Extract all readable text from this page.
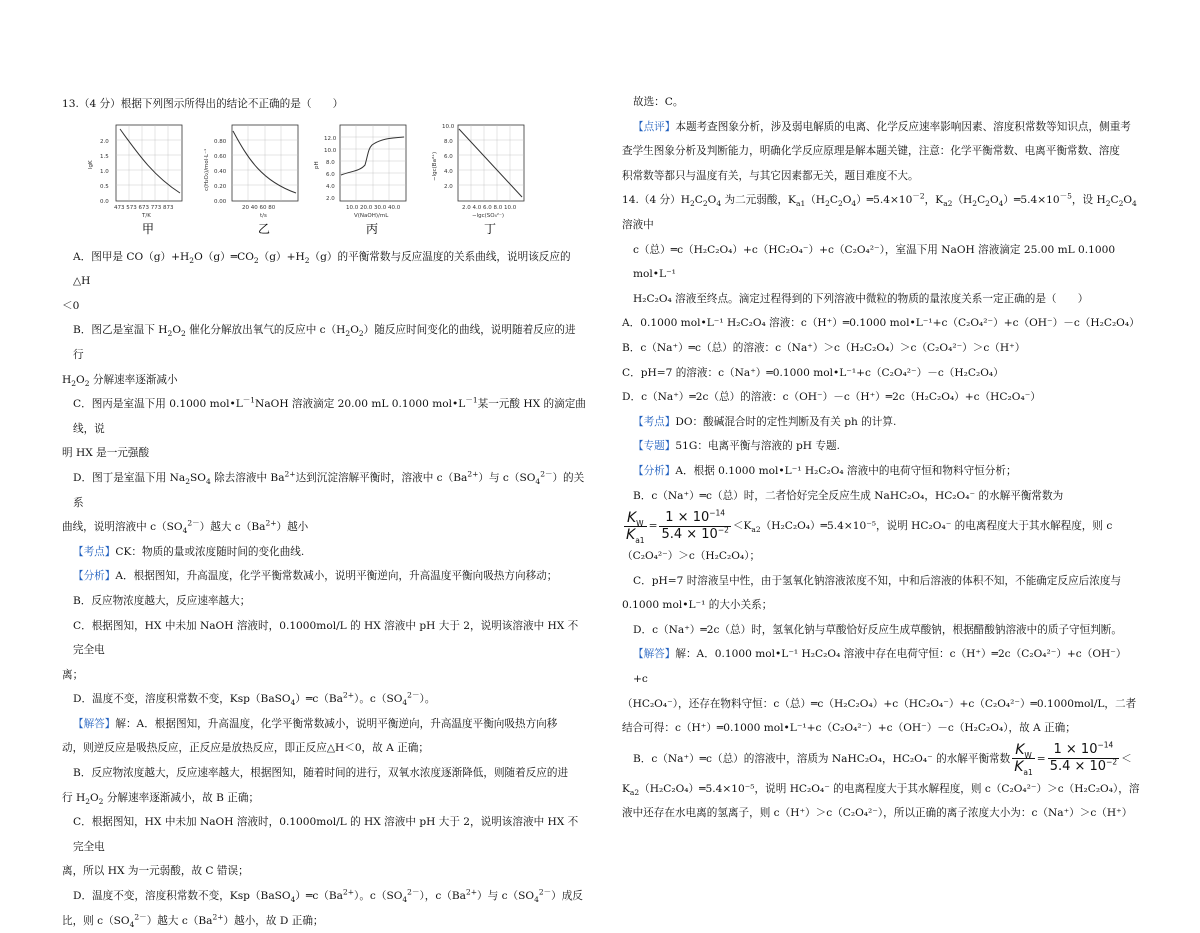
13.（4 分）根据下列图示所得出的结论不正确的是（　　）

2.0
1.5
1.0
0.5
0.0
473 573 673 773 873
T/K
lgK
甲
0.80
0.60
0.40
0.20
0.00
20 40 60 80
t/s
c(H₂O₂)/mol·L⁻¹
乙
12.0
10.0
8.0
6.0
4.0
2.0
10.0 20.0 30.0 40.0
V(NaOH)/mL
pH
丙
10.0
8.0
6.0
4.0
2.0
2.0 4.0 6.0 8.0 10.0
−lgc(SO₄²⁻)
−lgc(Ba²⁺)
丁

A．图甲是 $CO(g)+H_2O(g)═CO_2(g)+H_2(g)$的平衡常数与反应温度的关系曲线，说明该反应的△H

＜0

B．图乙是室温下 $H_2O_2$ 催化分解放出氧气的反应中 $c(H_2O_2)$随反应时间变化的曲线，说明随着反应的进行

$H_2O_2$ 分解速率逐渐减小

C．图丙是室温下用 0.1000 $mol•L^{-1}NaOH$ 溶液滴定 20.00 mL 0.1000 $mol•L^{-1}$某一元酸 HX 的滴定曲线，说

明 HX 是一元强酸

D．图丁是室温下用 $Na_2SO_4$ 除去溶液中 $Ba^{2+}$达到沉淀溶解平衡时，溶液中 $c(Ba^{2+})$与 $c(SO_4^{2-})$的关系

曲线，说明溶液中 $c(SO_4^{2-})$越大 $c(Ba^{2+})$越小

【考点】CK：物质的量或浓度随时间的变化曲线.

【分析】A．根据图知，升高温度，化学平衡常数减小，说明平衡逆向，升高温度平衡向吸热方向移动；

B．反应物浓度越大，反应速率越大；

C．根据图知，HX 中未加 NaOH 溶液时，0.1000mol/L 的 HX 溶液中 pH 大于 2，说明该溶液中 HX 不完全电

离；

D．温度不变，溶度积常数不变，$Ksp(BaSO_4)═c(Ba^{2+})$。$c(SO_4^{2-})$。

【解答】解：A．根据图知，升高温度，化学平衡常数减小，说明平衡逆向，升高温度平衡向吸热方向移

动，则逆反应是吸热反应，正反应是放热反应，即正反应△H＜0，故 A 正确；

B．反应物浓度越大，反应速率越大，根据图知，随着时间的进行，双氧水浓度逐渐降低，则随着反应的进

行 $H_2O_2$ 分解速率逐渐减小，故 B 正确；

C．根据图知，HX 中未加 NaOH 溶液时，0.1000mol/L 的 HX 溶液中 pH 大于 2，说明该溶液中 HX 不完全电

离，所以 HX 为一元弱酸，故 C 错误；

D．温度不变，溶度积常数不变，$Ksp(BaSO_4)═c(Ba^{2+})$。$c(SO_4^{2-})$，$c(Ba^{2+})$与 $c(SO_4^{2-})$成反

比，则 $c(SO_4^{2-})$越大 $c(Ba^{2+})$越小，故 D 正确；

故选：C。

【点评】本题考查图象分析，涉及弱电解质的电离、化学反应速率影响因素、溶度积常数等知识点，侧重考

查学生图象分析及判断能力，明确化学反应原理是解本题关键，注意：化学平衡常数、电离平衡常数、溶度

积常数等都只与温度有关，与其它因素都无关，题目难度不大。

14.（4 分）$H_2C_2O_4$ 为二元弱酸，$K_{a1}(H_2C_2O_4)═5.4\times 10^{-2}$，$K_{a2}(H_2C_2O_4)═5.4\times 10^{-5}$，设 $H_2C_2O_4$ 溶液中

c（总）═c（H₂C₂O₄）+c（HC₂O₄⁻）+c（C₂O₄²⁻），室温下用 NaOH 溶液滴定 25.00 mL 0.1000 mol•L⁻¹

H₂C₂O₄ 溶液至终点。滴定过程得到的下列溶液中微粒的物质的量浓度关系一定正确的是（　　）

A．0.1000 mol•L⁻¹ H₂C₂O₄ 溶液：c（H⁺）═0.1000 mol•L⁻¹+c（C₂O₄²⁻）+c（OH⁻）－c（H₂C₂O₄）

B．c（Na⁺）═c（总）的溶液：c（Na⁺）＞c（H₂C₂O₄）＞c（C₂O₄²⁻）＞c（H⁺）

C．pH=7 的溶液：c（Na⁺）═0.1000 mol•L⁻¹+c（C₂O₄²⁻）－c（H₂C₂O₄）

D．c（Na⁺）═2c（总）的溶液：c（OH⁻）－c（H⁺）═2c（H₂C₂O₄）+c（HC₂O₄⁻）

【考点】DO：酸碱混合时的定性判断及有关 ph 的计算.

【专题】51G：电离平衡与溶液的 pH 专题.

【分析】A．根据 0.1000 mol•L⁻¹ H₂C₂O₄ 溶液中的电荷守恒和物料守恒分析；

B．c（Na⁺）═c（总）时，二者恰好完全反应生成 NaHC₂O₄，HC₂O₄⁻ 的水解平衡常数为

$\frac{K_W}{K_{a1}} = \frac{1 \times 10^{-14}}{5.4 \times 10^{-2}}$ $<K_{a2}(H_2C_2O_4)═5.4\times 10^{-5}$，说明 HC₂O₄⁻ 的电离程度大于其水解程度，则 c

（C₂O₄²⁻）＞c（H₂C₂O₄）；

C．pH=7 时溶液呈中性，由于氢氧化钠溶液浓度不知，中和后溶液的体积不知，不能确定反应后浓度与

0.1000 mol•L⁻¹ 的大小关系；

D．c（Na⁺）═2c（总）时，氢氧化钠与草酸恰好反应生成草酸钠，根据醋酸钠溶液中的质子守恒判断。

【解答】解：A．0.1000 mol•L⁻¹ H₂C₂O₄ 溶液中存在电荷守恒：c（H⁺）═2c（C₂O₄²⁻）+c（OH⁻）+c

（HC₂O₄⁻），还存在物料守恒：c（总）═c（H₂C₂O₄）+c（HC₂O₄⁻）+c（C₂O₄²⁻）═0.1000mol/L，二者

结合可得：c（H⁺）═0.1000 mol•L⁻¹+c（C₂O₄²⁻）+c（OH⁻）－c（H₂C₂O₄），故 A 正确；

B．c（Na⁺）═c（总）的溶液中，溶质为 NaHC₂O₄，HC₂O₄⁻ 的水解平衡常数 $\frac{K_W}{K_{a1}} = \frac{1 \times 10^{-14}}{5.4 \times 10^{-2}}$ ＜

$K_{a2}(H_2C_2O_4)═5.4\times 10^{-5}$，说明 HC₂O₄⁻ 的电离程度大于其水解程度，则 c（C₂O₄²⁻）＞c（H₂C₂O₄），溶

液中还存在水电离的氢离子，则 c（H⁺）＞c（C₂O₄²⁻），所以正确的离子浓度大小为：c（Na⁺）＞c（H⁺）
